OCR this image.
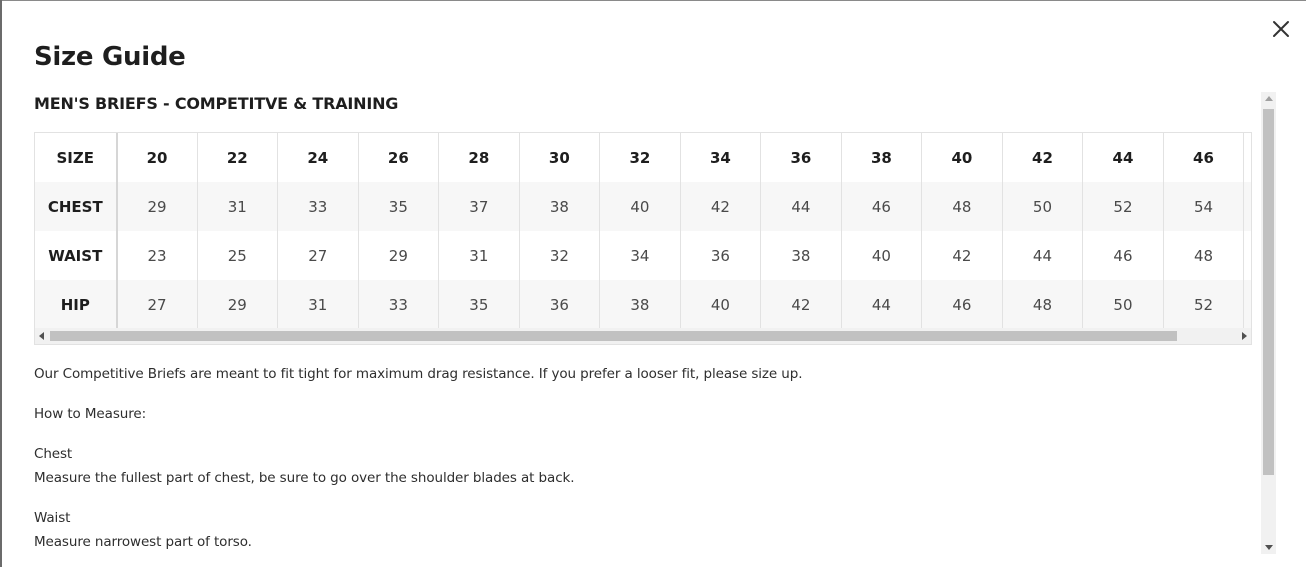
Size Guide
MEN'S BRIEFS - COMPETITVE & TRAINING
SIZE	20	22	24	26	28	30	32	34	36	38	40	42	44	46	
CHEST	29	31	33	35	37	38	40	42	44	46	48	50	52	54	
WAIST	23	25	27	29	31	32	34	36	38	40	42	44	46	48	
HIP	27	29	31	33	35	36	38	40	42	44	46	48	50	52	

Our Competitive Briefs are meant to fit tight for maximum drag resistance. If you prefer a looser fit, please size up.

How to Measure:

Chest

Measure the fullest part of chest, be sure to go over the shoulder blades at back.

Waist

Measure narrowest part of torso.
